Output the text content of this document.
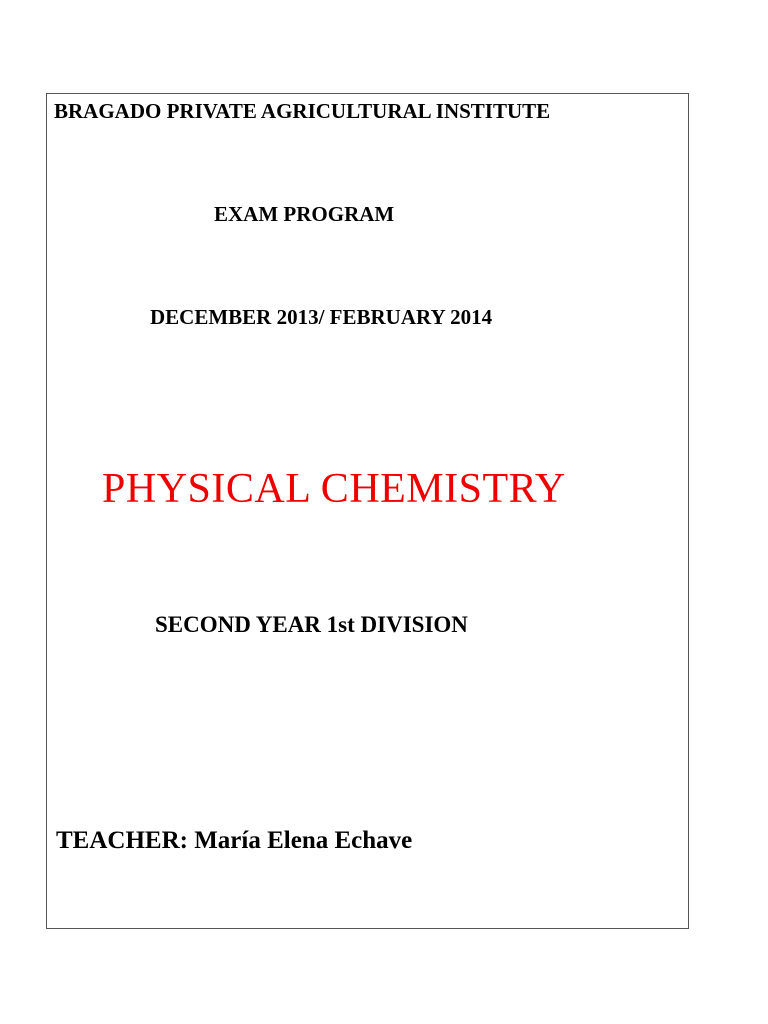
BRAGADO PRIVATE AGRICULTURAL INSTITUTE
EXAM PROGRAM
DECEMBER 2013/ FEBRUARY 2014
PHYSICAL CHEMISTRY
SECOND YEAR 1st DIVISION
TEACHER: María Elena Echave
